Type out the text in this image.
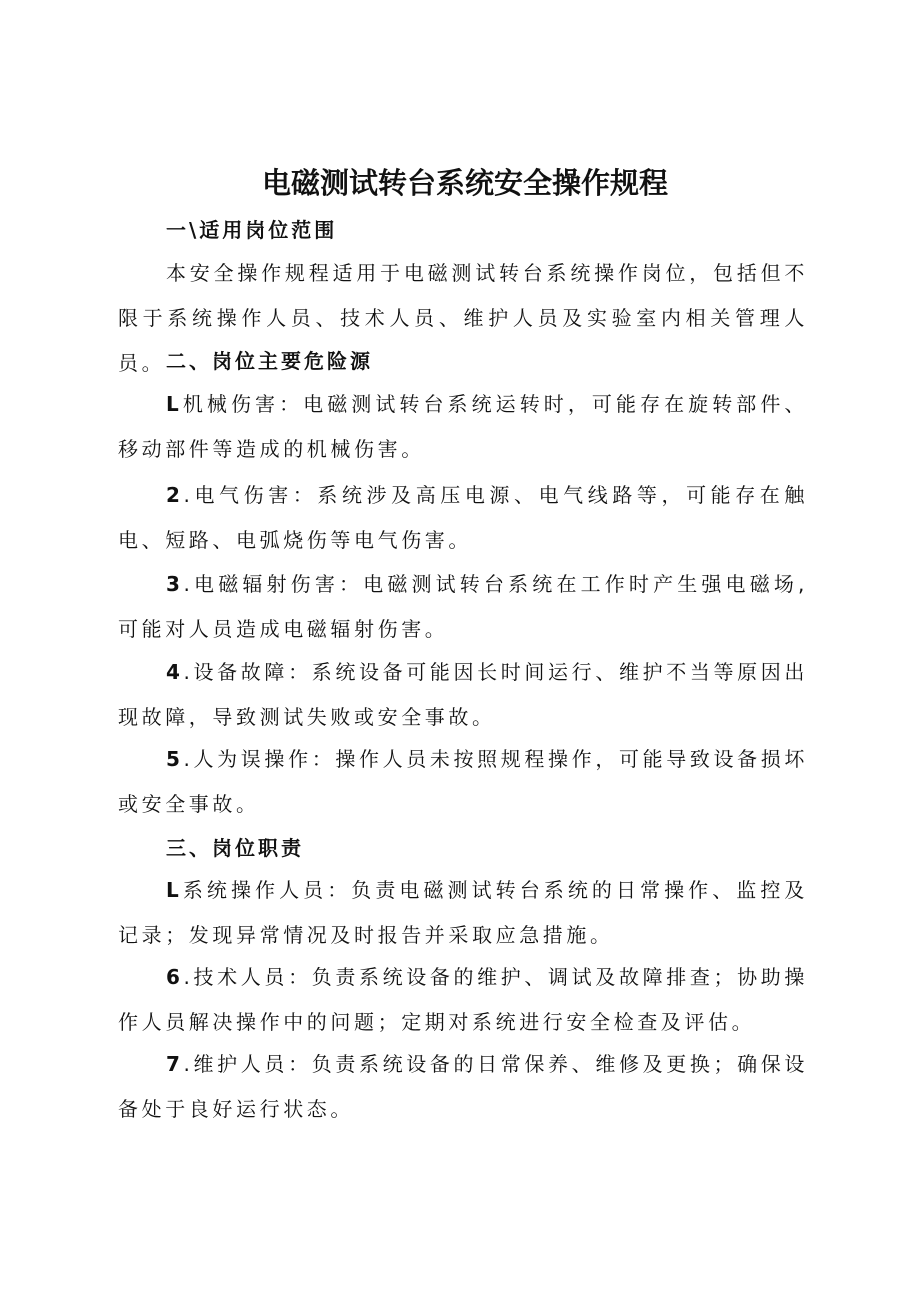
电磁测试转台系统安全操作规程
一\适用岗位范围

本安全操作规程适用于电磁测试转台系统操作岗位，包括但不限于系统操作人员、技术人员、维护人员及实验室内相关管理人员。 二、岗位主要危险源

L机械伤害：电磁测试转台系统运转时，可能存在旋转部件、移动部件等造成的机械伤害。

2.电气伤害：系统涉及高压电源、电气线路等，可能存在触电、短路、电弧烧伤等电气伤害。

3.电磁辐射伤害：电磁测试转台系统在工作时产生强电磁场,可能对人员造成电磁辐射伤害。

4.设备故障：系统设备可能因长时间运行、维护不当等原因出现故障，导致测试失败或安全事故。

5.人为误操作：操作人员未按照规程操作，可能导致设备损坏或安全事故。

三、岗位职责

L系统操作人员：负责电磁测试转台系统的日常操作、监控及记录；发现异常情况及时报告并采取应急措施。

6.技术人员：负责系统设备的维护、调试及故障排查；协助操作人员解决操作中的问题；定期对系统进行安全检查及评估。

7.维护人员：负责系统设备的日常保养、维修及更换；确保设备处于良好运行状态。
